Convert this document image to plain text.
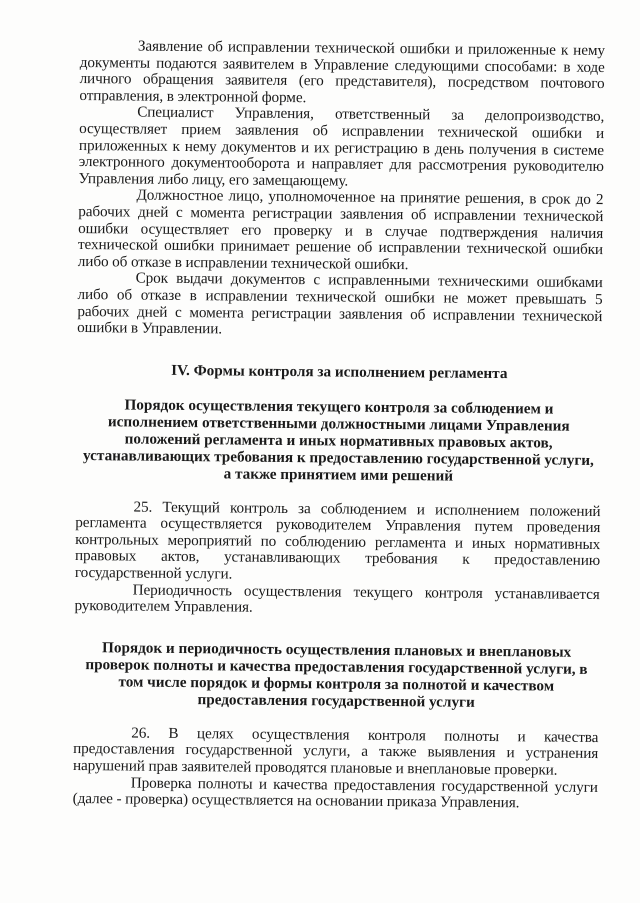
Заявление об исправлении технической ошибки и приложенные к нему документы подаются заявителем в Управление следующими способами: в ходе личного обращения заявителя (его представителя), посредством почтового отправления, в электронной форме.

Специалист Управления, ответственный за делопроизводство, осуществляет прием заявления об исправлении технической ошибки и приложенных к нему документов и их регистрацию в день получения в системе электронного документооборота и направляет для рассмотрения руководителю Управления либо лицу, его замещающему.

Должностное лицо, уполномоченное на принятие решения, в срок до 2 рабочих дней с момента регистрации заявления об исправлении технической ошибки осуществляет его проверку и в случае подтверждения наличия технической ошибки принимает решение об исправлении технической ошибки либо об отказе в исправлении технической ошибки.

Срок выдачи документов с исправленными техническими ошибками либо об отказе в исправлении технической ошибки не может превышать 5 рабочих дней с момента регистрации заявления об исправлении технической ошибки в Управлении.

IV. Формы контроля за исполнением регламента
Порядок осуществления текущего контроля за соблюдением и исполнением ответственными должностными лицами Управления положений регламента и иных нормативных правовых актов, устанавливающих требования к предоставлению государственной услуги, а также принятием ими решений

25. Текущий контроль за соблюдением и исполнением положений регламента осуществляется руководителем Управления путем проведения контрольных мероприятий по соблюдению регламента и иных нормативных правовых актов, устанавливающих требования к предоставлению государственной услуги.

Периодичность осуществления текущего контроля устанавливается руководителем Управления.

Порядок и периодичность осуществления плановых и внеплановых проверок полноты и качества предоставления государственной услуги, в том числе порядок и формы контроля за полнотой и качеством предоставления государственной услуги

26. В целях осуществления контроля полноты и качества предоставления государственной услуги, а также выявления и устранения нарушений прав заявителей проводятся плановые и внеплановые проверки.

Проверка полноты и качества предоставления государственной услуги (далее - проверка) осуществляется на основании приказа Управления.
